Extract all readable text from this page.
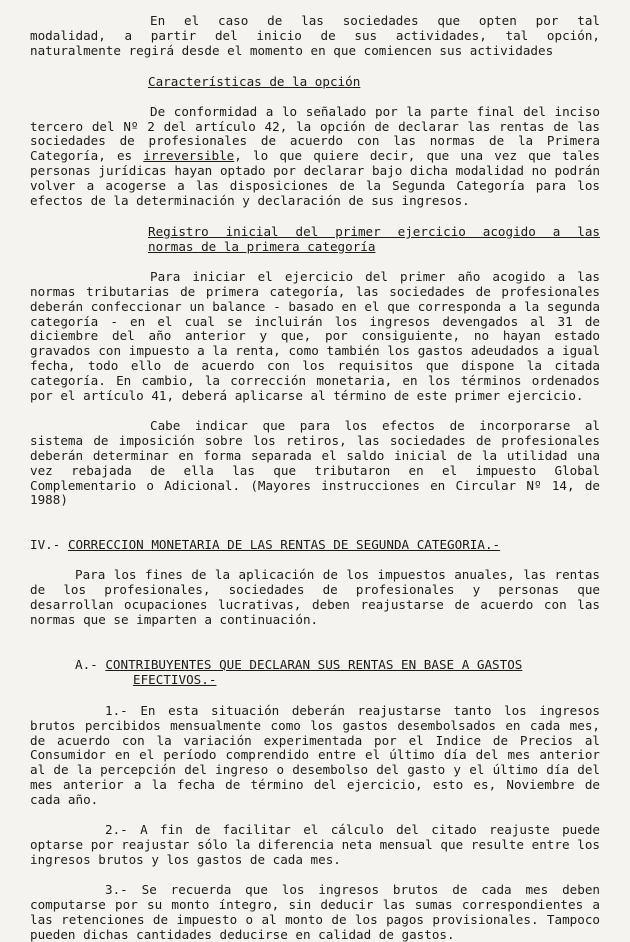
En el caso de las sociedades que opten por tal

modalidad, a partir del inicio de sus actividades, tal opción,

naturalmente regirá desde el momento en que comiencen sus actividades

Características de la opción

De conformidad a lo señalado por la parte final del inciso tercero del Nº 2 del artículo 42, la opción de declarar las rentas de las sociedades de profesionales de acuerdo con las normas de la Primera Categoría, es irreversible, lo que quiere decir, que una vez que tales personas jurídicas hayan optado por declarar bajo dicha modalidad no podrán volver a acogerse a las disposiciones de la Segunda Categoría para los efectos de la determinación y declaración de sus ingresos.

Registro inicial del primer ejercicio acogido a las

normas de la primera categoría

Para iniciar el ejercicio del primer año acogido a las normas tributarias de primera categoría, las sociedades de profesionales deberán confeccionar un balance - basado en el que corresponda a la segunda categoría - en el cual se incluirán los ingresos devengados al 31 de diciembre del año anterior y que, por consiguiente, no hayan estado gravados con impuesto a la renta, como también los gastos adeudados a igual fecha, todo ello de acuerdo con los requisitos que dispone la citada categoría. En cambio, la corrección monetaria, en los términos ordenados por el artículo 41, deberá aplicarse al término de este primer ejercicio.

Cabe indicar que para los efectos de incorporarse al sistema de imposición sobre los retiros, las sociedades de profesionales deberán determinar en forma separada el saldo inicial de la utilidad una vez rebajada de ella las que tributaron en el impuesto Global Complementario o Adicional. (Mayores instrucciones en Circular Nº 14, de 1988)

IV.- CORRECCION MONETARIA DE LAS RENTAS DE SEGUNDA CATEGORIA.-

Para los fines de la aplicación de los impuestos anuales, las rentas de los profesionales, sociedades de profesionales y personas que desarrollan ocupaciones lucrativas, deben reajustarse de acuerdo con las normas que se imparten a continuación.

A.- CONTRIBUYENTES QUE DECLARAN SUS RENTAS EN BASE A GASTOS
EFECTIVOS.-

1.- En esta situación deberán reajustarse tanto los ingresos brutos percibidos mensualmente como los gastos desembolsados en cada mes, de acuerdo con la variación experimentada por el Indice de Precios al Consumidor en el período comprendido entre el último día del mes anterior al de la percepción del ingreso o desembolso del gasto y el último día del mes anterior a la fecha de término del ejercicio, esto es, Noviembre de cada año.

2.- A fin de facilitar el cálculo del citado reajuste puede optarse por reajustar sólo la diferencia neta mensual que resulte entre los ingresos brutos y los gastos de cada mes.

3.- Se recuerda que los ingresos brutos de cada mes deben computarse por su monto íntegro, sin deducir las sumas correspondientes a las retenciones de impuesto o al monto de los pagos provisionales. Tampoco pueden dichas cantidades deducirse en calidad de gastos.
